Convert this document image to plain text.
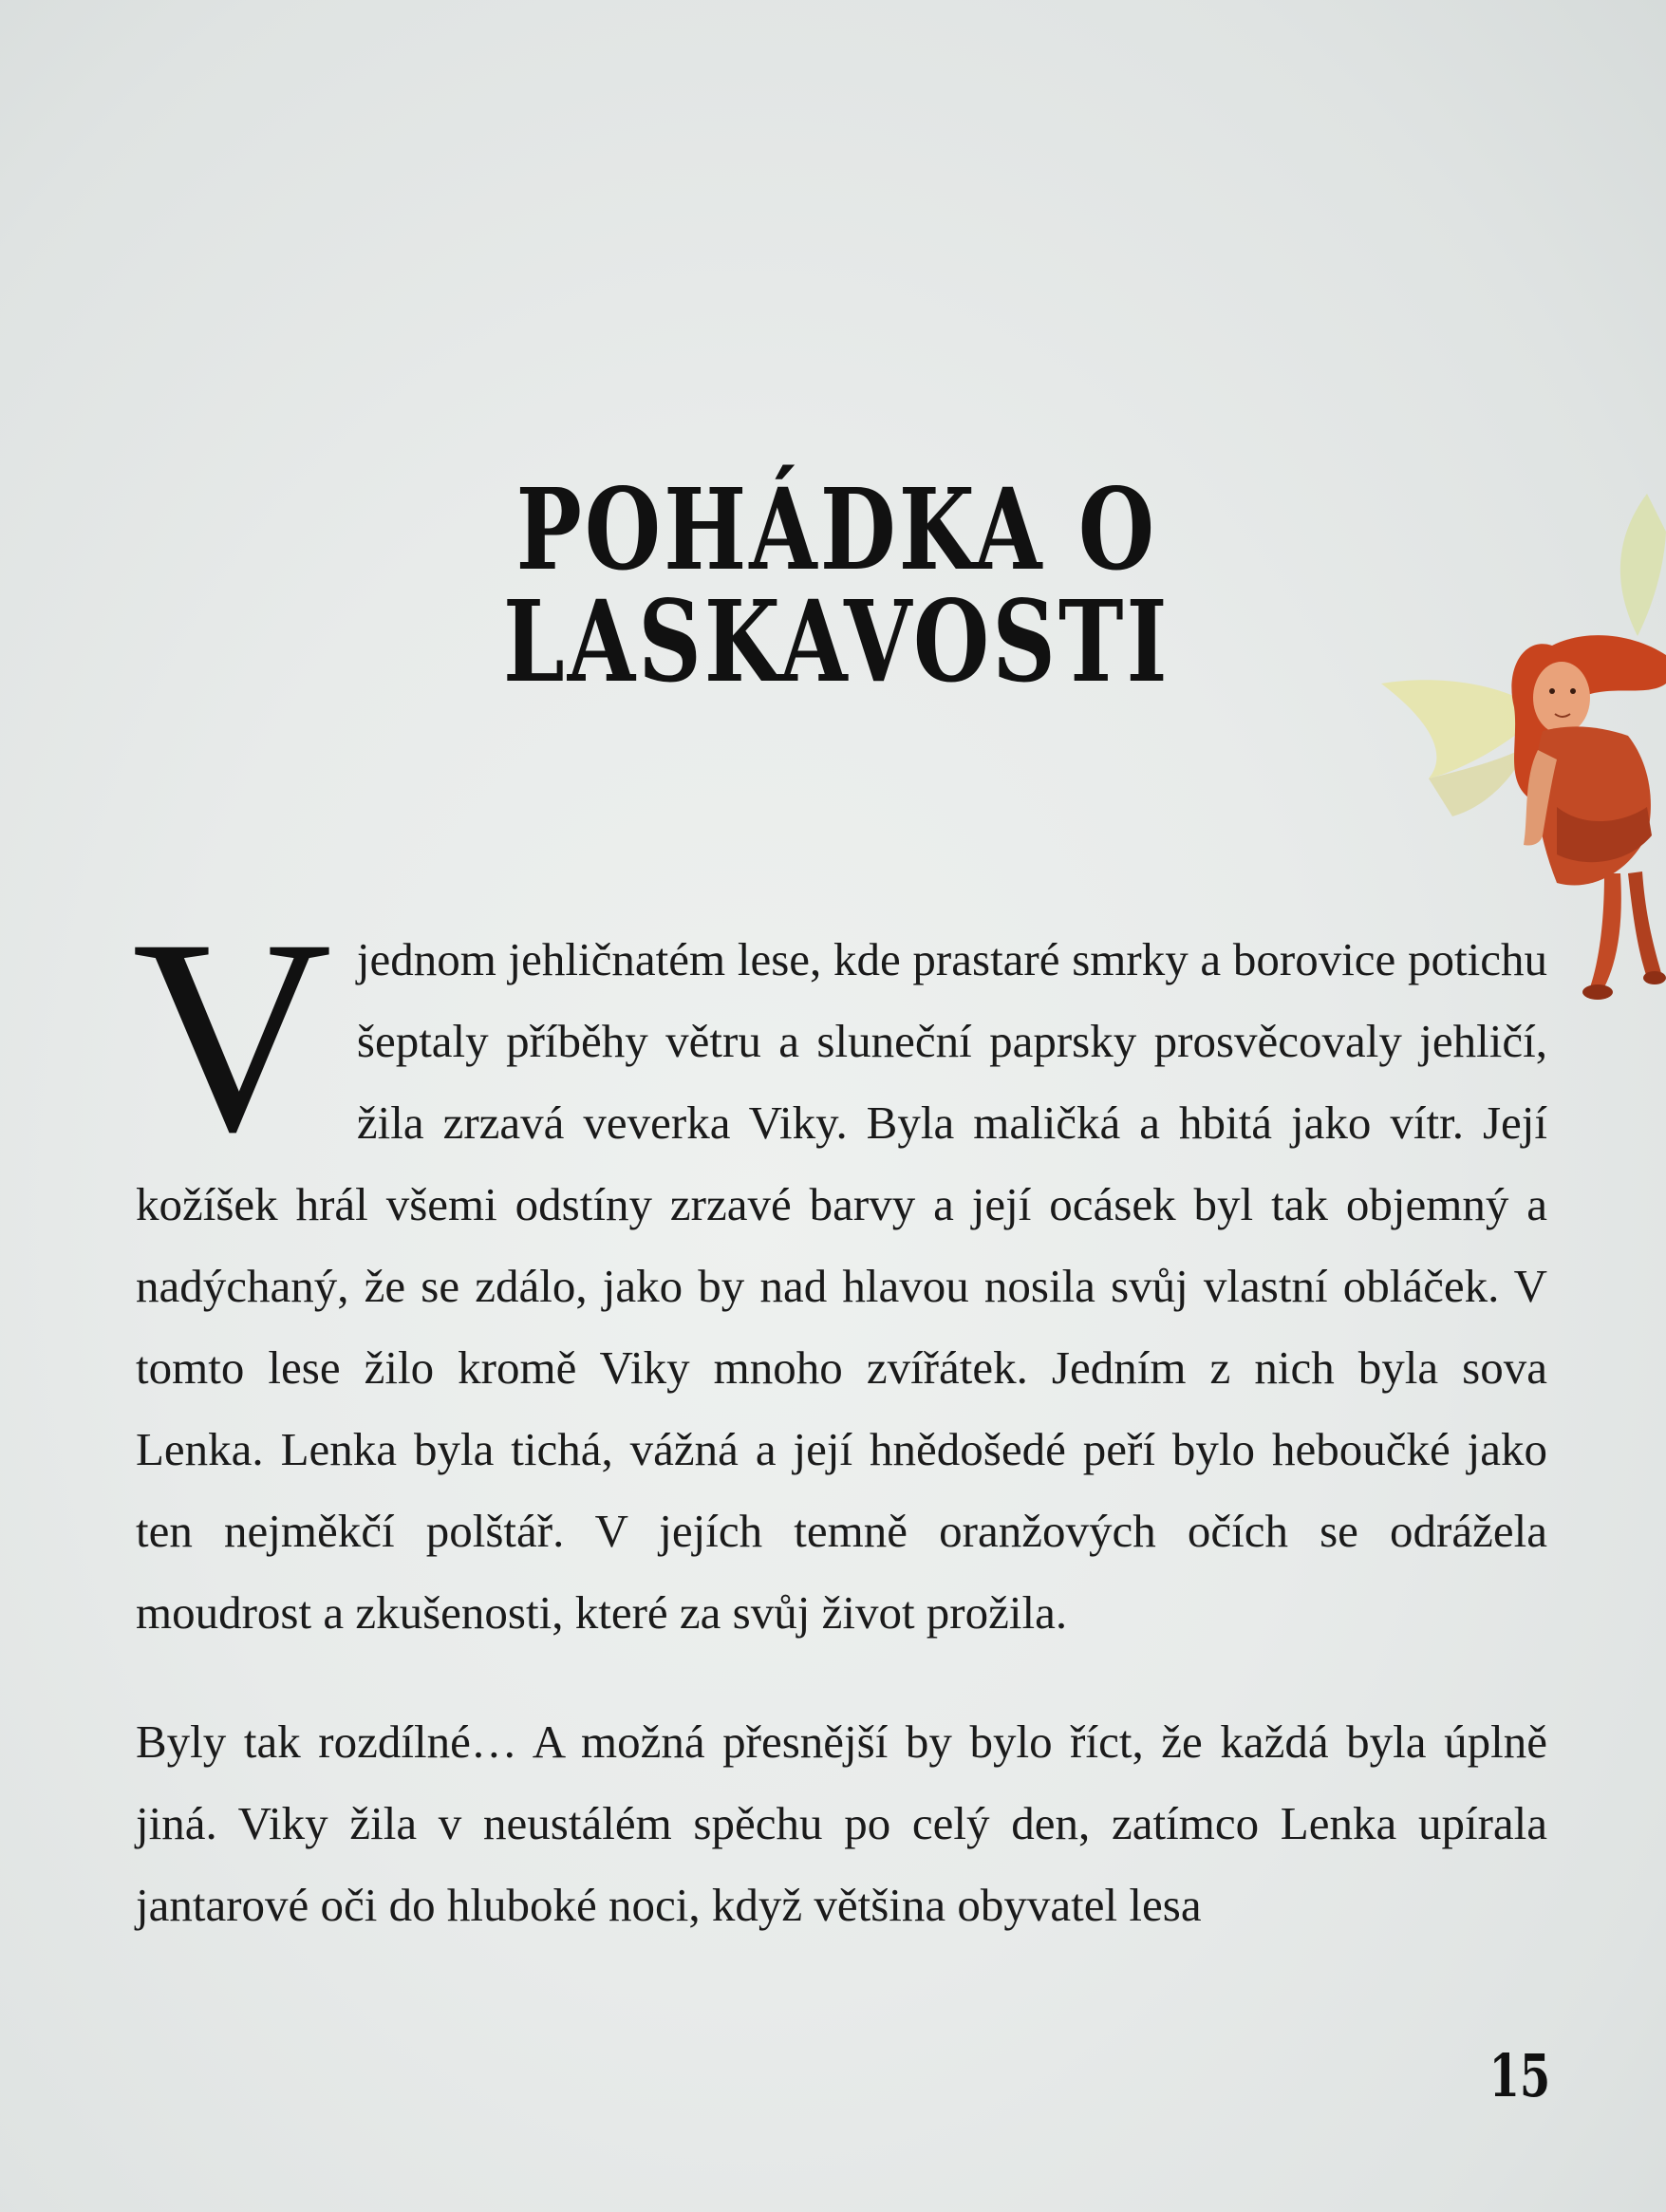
POHÁDKA O LASKAVOSTI

V jednom jehličnatém lese, kde prastaré smrky a borovice potichu šeptaly příběhy větru a sluneční paprsky prosvěcovaly jehličí, žila zrzavá veverka Viky. Byla maličká a hbitá jako vítr. Její kožíšek hrál všemi odstíny zrzavé barvy a její ocásek byl tak objemný a nadýchaný, že se zdálo, jako by nad hlavou nosila svůj vlastní obláček. V tomto lese žilo kromě Viky mnoho zvířátek. Jedním z nich byla sova Lenka. Lenka byla tichá, vážná a její hnědošedé peří bylo heboučké jako ten nejměkčí polštář. V jejích temně oranžových očích se odrážela moudrost a zkušenosti, které za svůj život prožila.

Byly tak rozdílné… A možná přesnější by bylo říct, že každá byla úplně jiná. Viky žila v neustálém spěchu po celý den, zatímco Lenka upírala jantarové oči do hluboké noci, když většina obyvatel lesa

15
